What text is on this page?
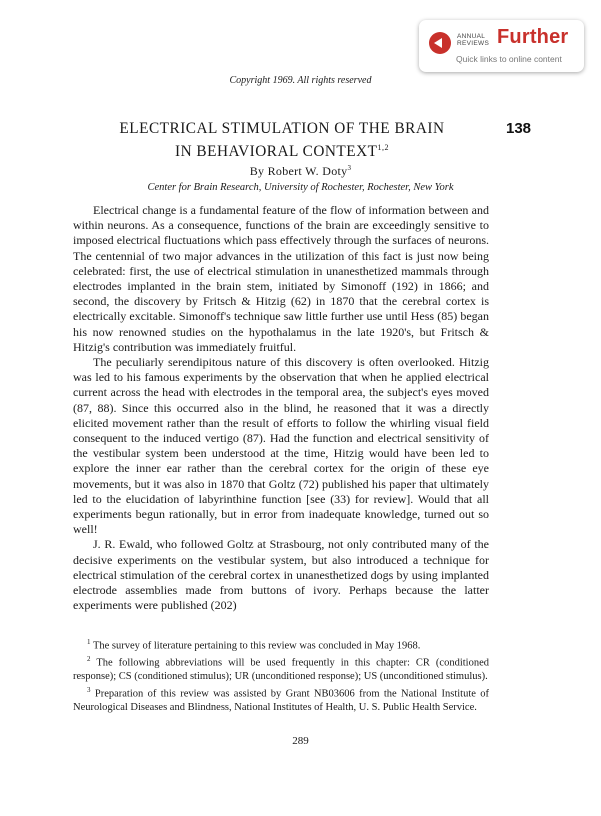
ANNUAL
REVIEWS Further
Quick links to online content
Copyright 1969. All rights reserved
ELECTRICAL STIMULATION OF THE BRAIN
IN BEHAVIORAL CONTEXT$^{1,2}$
138
By Robert W. Doty$^3$
Center for Brain Research, University of Rochester, Rochester, New York

Electrical change is a fundamental feature of the flow of information between and within neurons. As a consequence, functions of the brain are exceedingly sensitive to imposed electrical fluctuations which pass effectively through the surfaces of neurons. The centennial of two major advances in the utilization of this fact is just now being celebrated: first, the use of electrical stimulation in unanesthetized mammals through electrodes implanted in the brain stem, initiated by Simonoff (192) in 1866; and second, the discovery by Fritsch & Hitzig (62) in 1870 that the cerebral cortex is electrically excitable. Simonoff's technique saw little further use until Hess (85) began his now renowned studies on the hypothalamus in the late 1920's, but Fritsch & Hitzig's contribution was immediately fruitful.

The peculiarly serendipitous nature of this discovery is often overlooked. Hitzig was led to his famous experiments by the observation that when he applied electrical current across the head with electrodes in the temporal area, the subject's eyes moved (87, 88). Since this occurred also in the blind, he reasoned that it was a directly elicited movement rather than the result of efforts to follow the whirling visual field consequent to the induced vertigo (87). Had the function and electrical sensitivity of the vestibular system been understood at the time, Hitzig would have been led to explore the inner ear rather than the cerebral cortex for the origin of these eye movements, but it was also in 1870 that Goltz (72) published his paper that ultimately led to the elucidation of labyrinthine function [see (33) for review]. Would that all experiments begun rationally, but in error from inadequate knowledge, turned out so well!

J. R. Ewald, who followed Goltz at Strasbourg, not only contributed many of the decisive experiments on the vestibular system, but also introduced a technique for electrical stimulation of the cerebral cortex in unanesthetized dogs by using implanted electrode assemblies made from buttons of ivory. Perhaps because the latter experiments were published (202)

$^1$ The survey of literature pertaining to this review was concluded in May 1968.

$^2$ The following abbreviations will be used frequently in this chapter: CR (conditioned response); CS (conditioned stimulus); UR (unconditioned response); US (unconditioned stimulus).

$^3$ Preparation of this review was assisted by Grant NB03606 from the National Institute of Neurological Diseases and Blindness, National Institutes of Health, U. S. Public Health Service.

289
